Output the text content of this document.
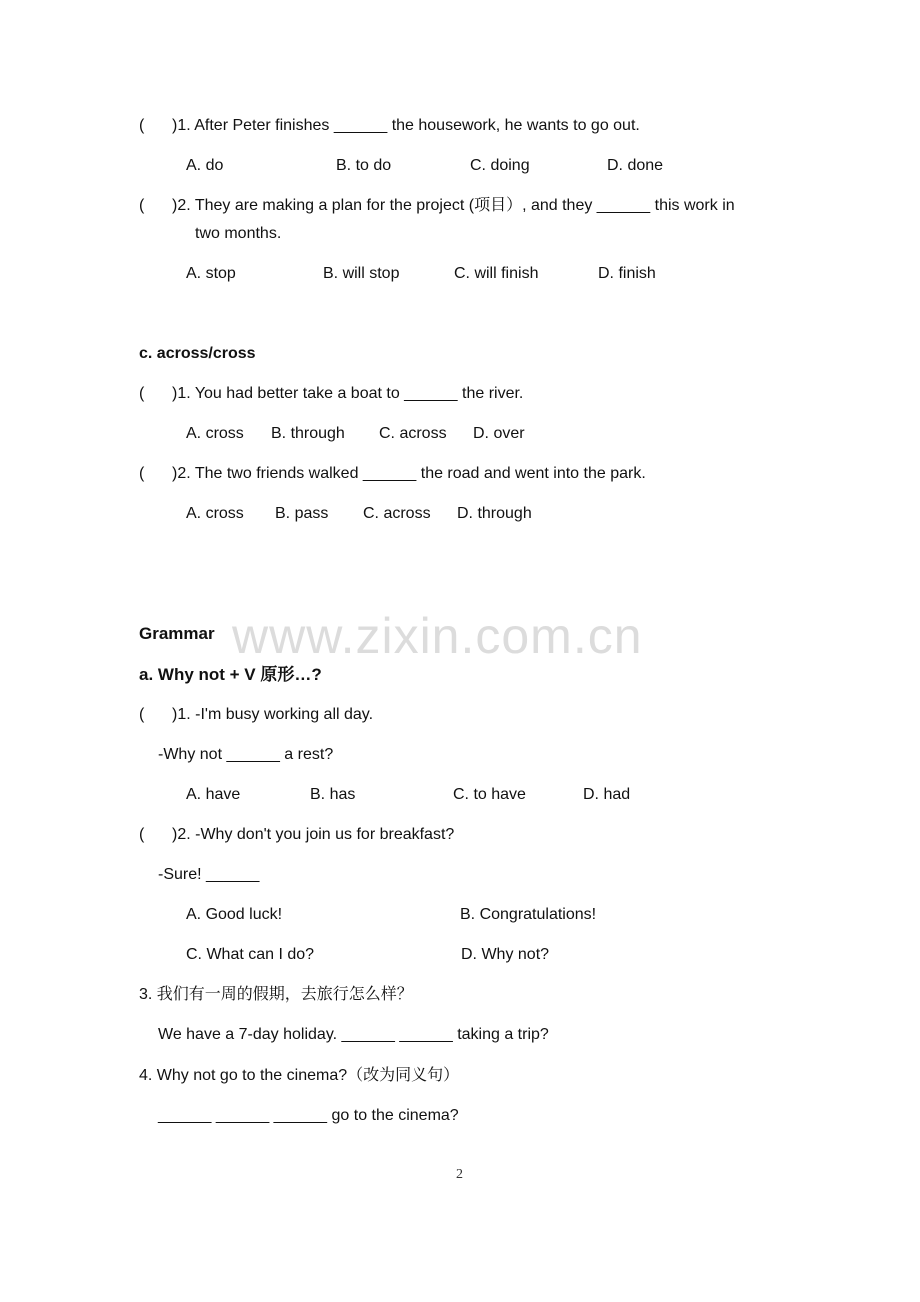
www.zixin.com.cn
( )1. After Peter finishes ______ the housework, he wants to go out.
A. do	B. to do	C. doing	D. done
( )2. They are making a plan for the project (项目）, and they ______ this work in
two months.
A. stop	B. will stop	C. will finish	D. finish
c. across/cross
( )1. You had better take a boat to ______ the river.
A. cross B. through C. across D. over
( )2. The two friends walked ______ the road and went into the park.
A. cross B. pass C. across D. through
Grammar
a. Why not + V 原形…?
( )1. -I'm busy working all day.
-Why not ______ a rest?
A. have	B. has	C. to have	D. had
( )2. -Why don't you join us for breakfast?
-Sure! ______
A. Good luck!	B. Congratulations!
C. What can I do?	D. Why not?
3. 我们有一周的假期，去旅行怎么样？
We have a 7-day holiday. ______ ______ taking a trip?
4. Why not go to the cinema?（改为同义句）
______ ______ ______ go to the cinema?
2
